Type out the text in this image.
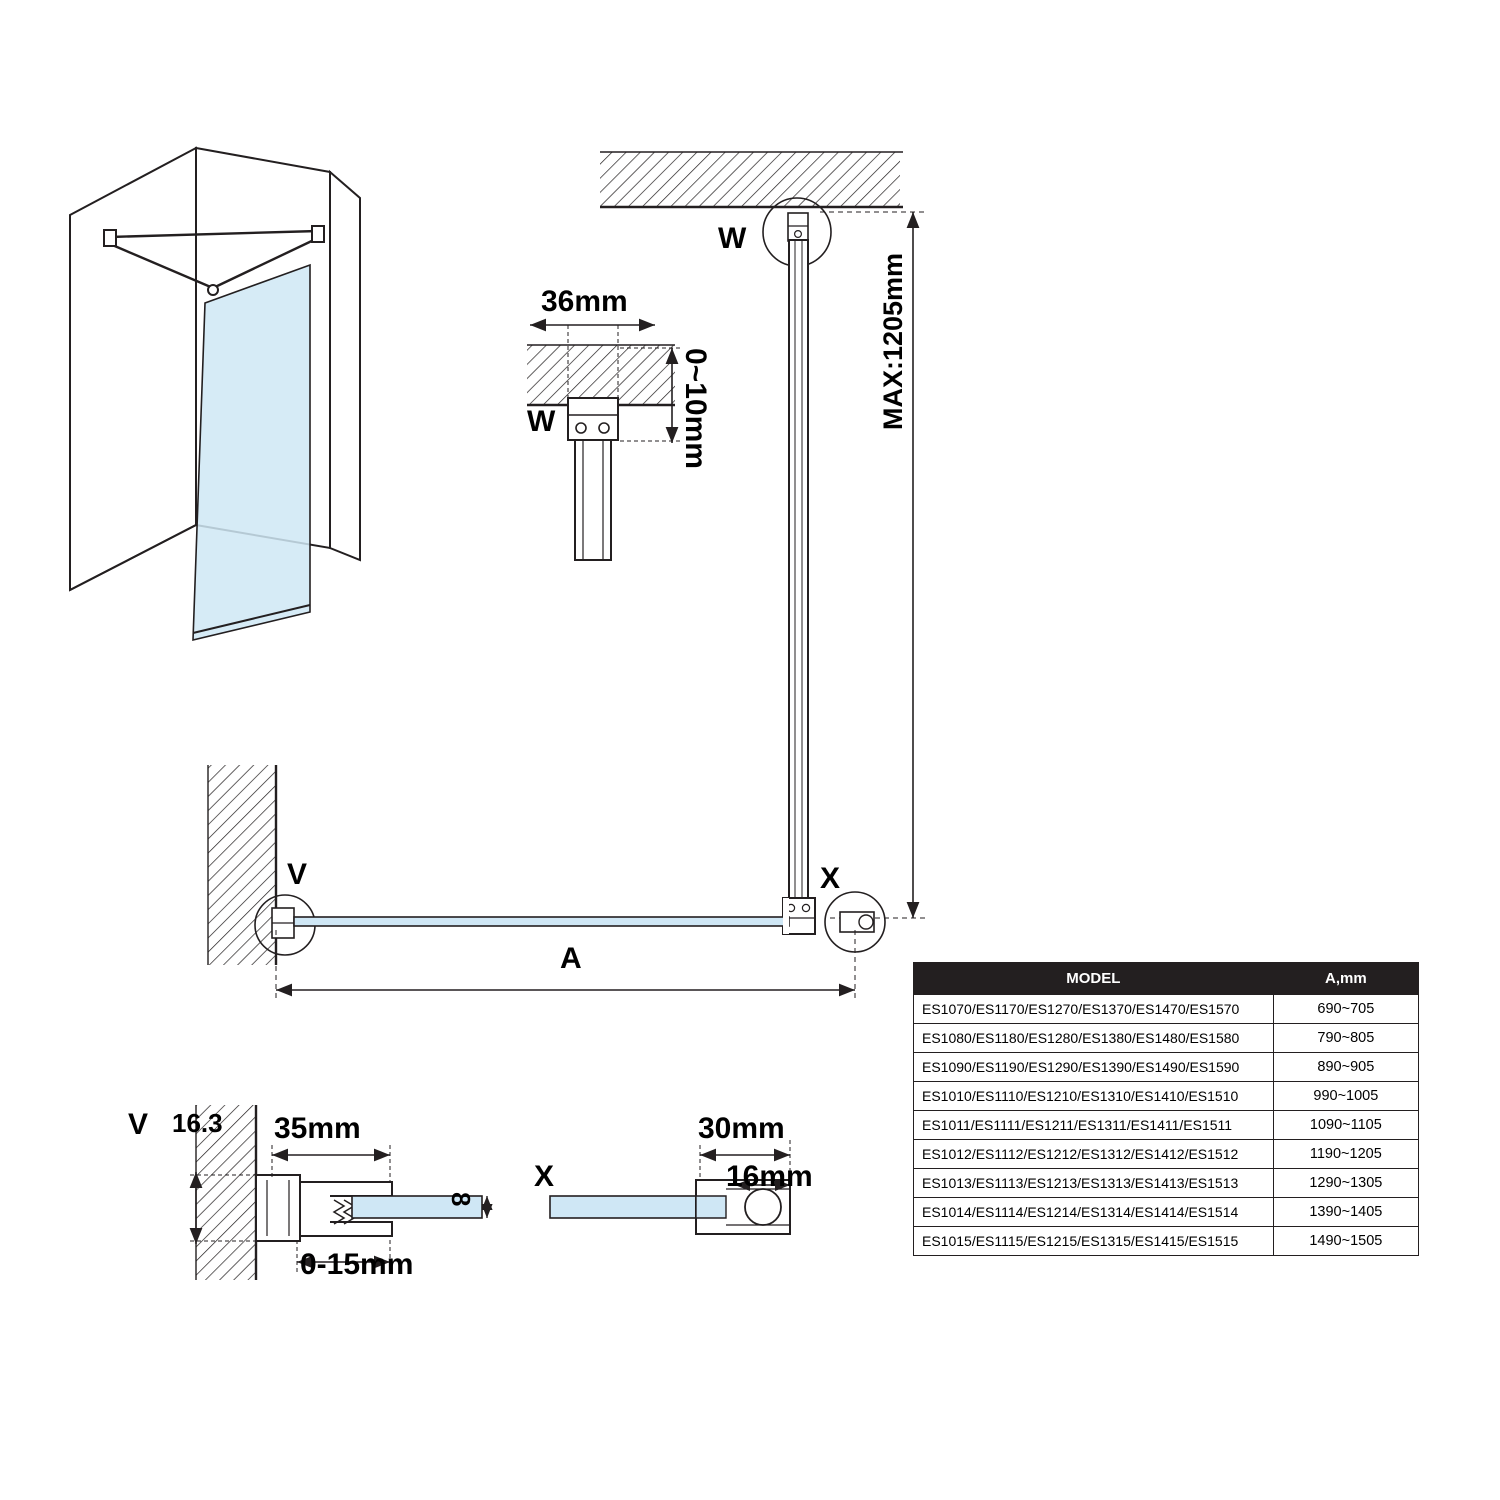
W
W
36mm
0~10mm	MAX:1205mm
V	X
A
V 16.3 35mm
0-15mm
8
X
30mm
16mm
MODEL	A,mm
ES1070/ES1170/ES1270/ES1370/ES1470/ES1570	690~705
ES1080/ES1180/ES1280/ES1380/ES1480/ES1580	790~805
ES1090/ES1190/ES1290/ES1390/ES1490/ES1590	890~905
ES1010/ES1110/ES1210/ES1310/ES1410/ES1510	990~1005
ES1011/ES1111/ES1211/ES1311/ES1411/ES1511	1090~1105
ES1012/ES1112/ES1212/ES1312/ES1412/ES1512	1190~1205
ES1013/ES1113/ES1213/ES1313/ES1413/ES1513	1290~1305
ES1014/ES1114/ES1214/ES1314/ES1414/ES1514	1390~1405
ES1015/ES1115/ES1215/ES1315/ES1415/ES1515	1490~1505
